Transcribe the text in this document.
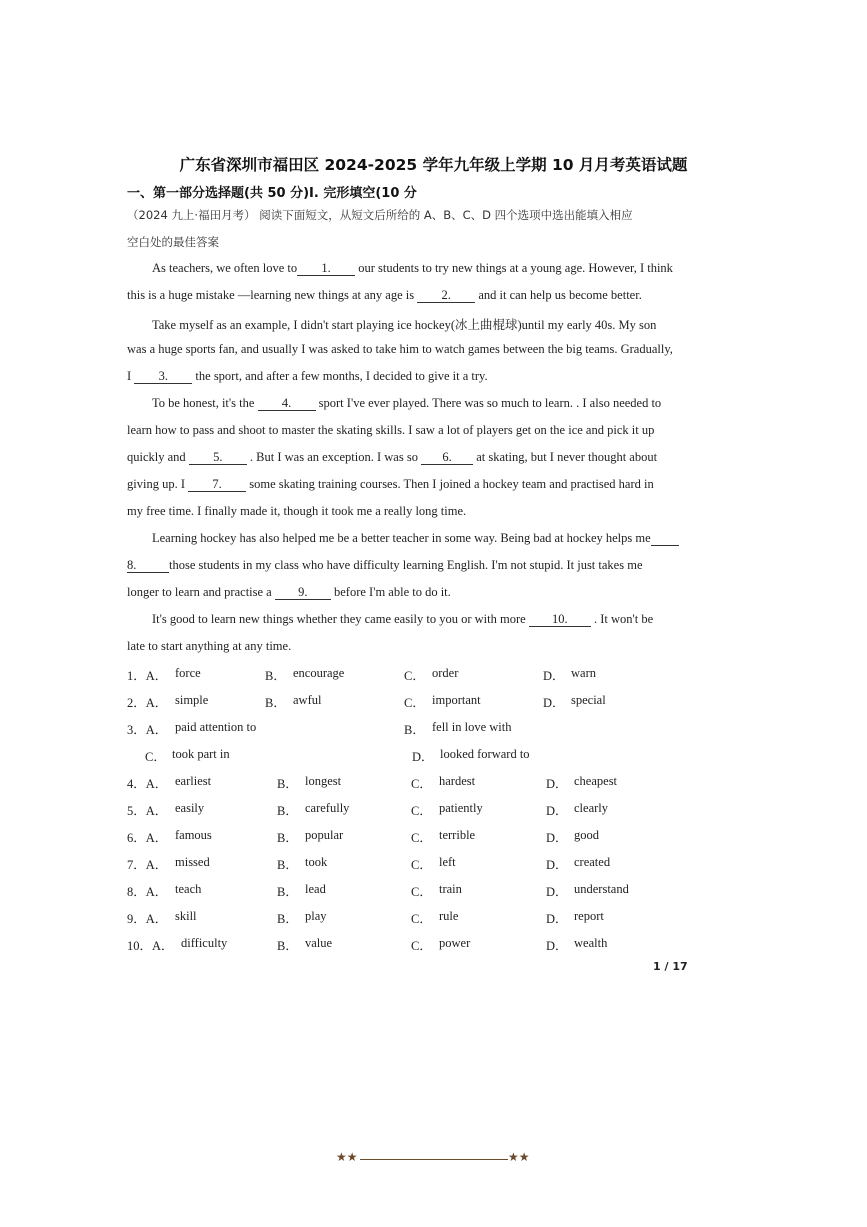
广东省深圳市福田区 2024-2025 学年九年级上学期 10 月月考英语试题
一、第一部分选择题(共 50 分)Ⅰ. 完形填空(10 分
（2024 九上·福田月考） 阅读下面短文，从短文后所给的 A、B、C、D 四个选项中选出能填入相应
空白处的最佳答案
As teachers, we often love to 1. our students to try new things at a young age. However, I think
this is a huge mistake —learning new things at any age is 2. and it can help us become better.
Take myself as an example, I didn't start playing ice hockey(冰上曲棍球)until my early 40s. My son
was a huge sports fan, and usually I was asked to take him to watch games between the big teams. Gradually,
I 3. the sport, and after a few months, I decided to give it a try.
To be honest, it's the 4. sport I've ever played. There was so much to learn. . I also needed to
learn how to pass and shoot to master the skating skills. I saw a lot of players get on the ice and pick it up
quickly and 5. . But I was an exception. I was so 6. at skating, but I never thought about
giving up. I 7. some skating training courses. Then I joined a hockey team and practised hard in
my free time. I finally made it, though it took me a really long time.
Learning hockey has also helped me be a better teacher in some way. Being bad at hockey helps me
8.	those students in my class who have difficulty learning English. I'm not stupid. It just takes me
longer to learn and practise a 9. before I'm able to do it.
It's good to learn new things whether they came easily to you or with more 10. . It won't be
late to start anything at any time.
1．A． force	B． encourage	C． order	D． warn
2．A． simple	B． awful	C． important	D． special
3．A． paid attention to	B． fell in love with
C． took part in	D． looked forward to
4．A． earliest	B． longest	C． hardest	D． cheapest
5．A． easily	B． carefully	C． patiently	D． clearly
6．A． famous	B． popular	C． terrible	D． good
7．A． missed	B． took	C． left	D． created
8．A． teach	B． lead	C． train	D． understand
9．A． skill	B． play	C． rule	D． report
10．A． difficulty	B． value	C． power	D． wealth
1 / 17
★★	★★
